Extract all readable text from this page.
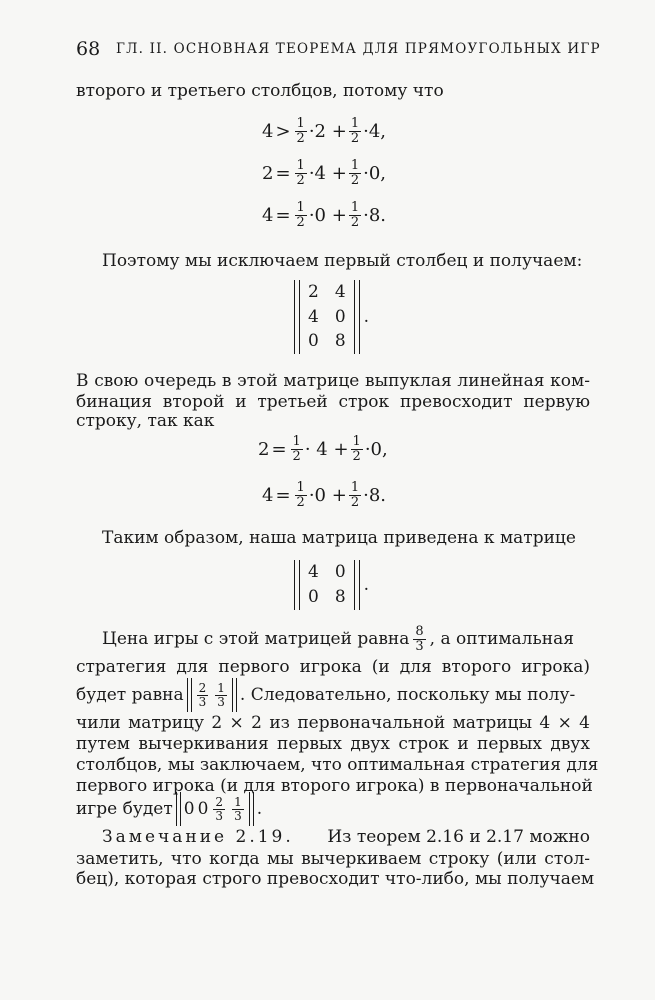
68 ГЛ. II. ОСНОВНАЯ ТЕОРЕМА ДЛЯ ПРЯМОУГОЛЬНЫХ ИГР
второго и третьего столбцов, потому что
$4 > \frac{1}{2} \cdot 2 + \frac{1}{2} \cdot 4$,
$2 = \frac{1}{2} \cdot 4 + \frac{1}{2} \cdot 0$,
$4 = \frac{1}{2} \cdot 0 + \frac{1}{2} \cdot 8$.
Поэтому мы исключаем первый столбец и получаем:
2 4
4 0
0 8
.
В свою очередь в этой матрице выпуклая линейная ком-
бинация второй и третьей строк превосходит первую
строку, так как
$2 = \frac{1}{2} \cdot 4 + \frac{1}{2} \cdot 0$,
$4 = \frac{1}{2} \cdot 0 + \frac{1}{2} \cdot 8$.
Таким образом, наша матрица приведена к матрице
4 0
0 8
.
Цена игры с этой матрицей равна $\frac{8}{3}$ , а оптимальная
стратегия для первого игрока (и для второго игрока)
будет равна $\frac{2}{3} \frac{1}{3}$ . Следовательно, поскольку мы полу-
чили матрицу 2 × 2 из первоначальной матрицы 4 × 4
путем вычеркивания первых двух строк и первых двух
столбцов, мы заключаем, что оптимальная стратегия для
первого игрока (и для второго игрока) в первоначальной
игре будет 0 $0 \frac{2}{3} \frac{1}{3}$ .
Замечание 2.19. Из теорем 2.16 и 2.17 можно
заметить, что когда мы вычеркиваем строку (или стол-
бец), которая строго превосходит что-либо, мы получаем
